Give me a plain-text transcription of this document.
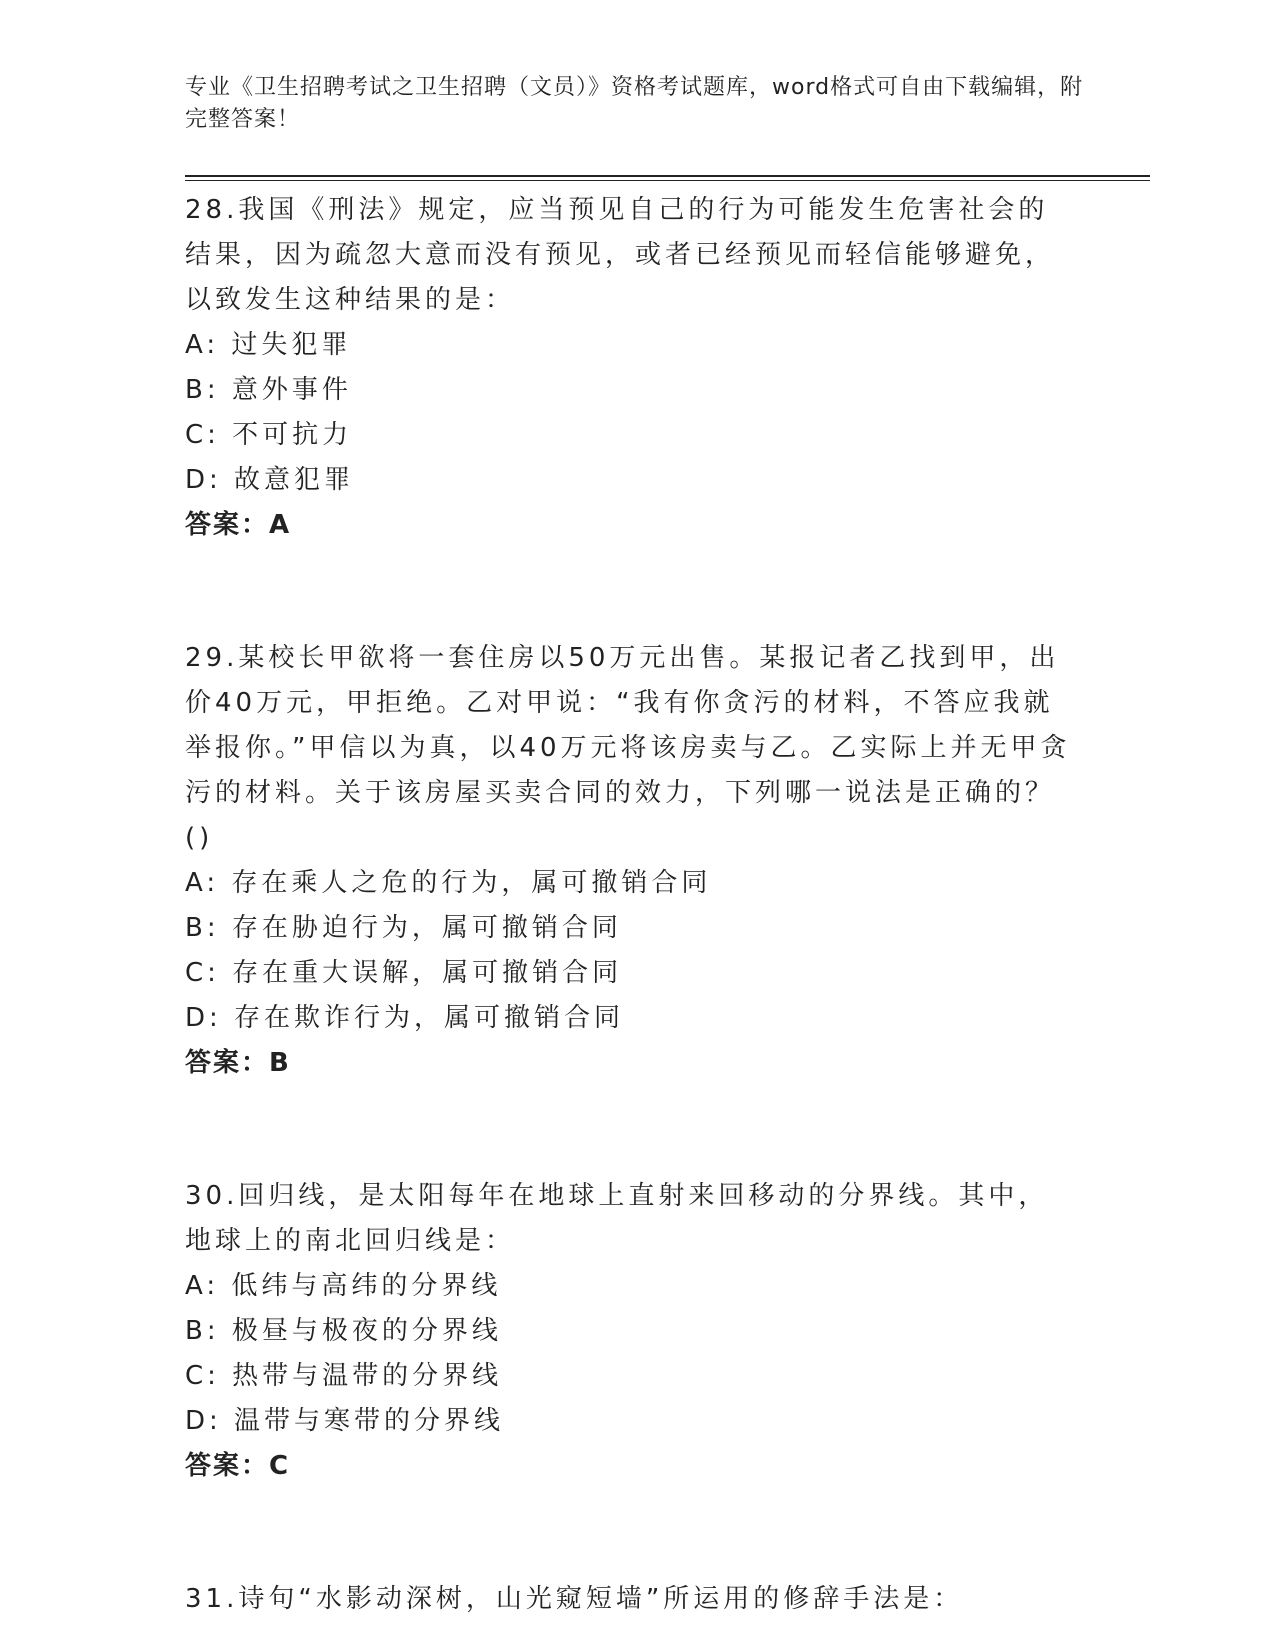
专业《卫生招聘考试之卫生招聘（文员）》资格考试题库，word格式可自由下载编辑，附完整答案！
28.我国《刑法》规定，应当预见自己的行为可能发生危害社会的结果，因为疏忽大意而没有预见，或者已经预见而轻信能够避免，以致发生这种结果的是：
A: 过失犯罪
B: 意外事件
C: 不可抗力
D: 故意犯罪
答案：A
29.某校长甲欲将一套住房以50万元出售。某报记者乙找到甲，出价40万元，甲拒绝。乙对甲说：“我有你贪污的材料，不答应我就举报你。”甲信以为真，以40万元将该房卖与乙。乙实际上并无甲贪污的材料。关于该房屋买卖合同的效力，下列哪一说法是正确的？()
A: 存在乘人之危的行为，属可撤销合同
B: 存在胁迫行为，属可撤销合同
C: 存在重大误解，属可撤销合同
D: 存在欺诈行为，属可撤销合同
答案：B
30.回归线，是太阳每年在地球上直射来回移动的分界线。其中，地球上的南北回归线是：
A: 低纬与高纬的分界线
B: 极昼与极夜的分界线
C: 热带与温带的分界线
D: 温带与寒带的分界线
答案：C
31.诗句“水影动深树，山光窥短墙”所运用的修辞手法是：
